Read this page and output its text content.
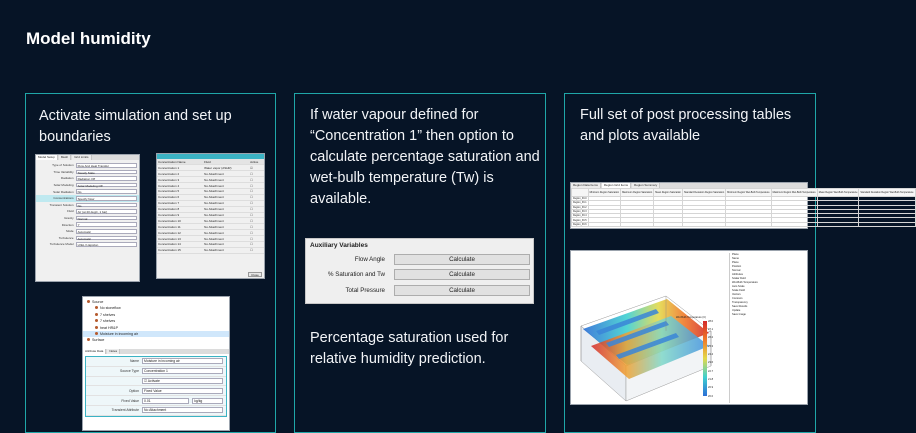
Model humidity
Activate simulation and set up boundaries
If water vapour defined for “Concentration 1” then option to calculate percentage saturation and wet-bulb temperature (Tw) is available.
Percentage saturation used for relative humidity prediction.
Full set of post processing tables and plots available
Model Setup	Mesh	Grid Limits
Type of Solution	Flow And Heat Transfer
Time Variability	Steady State
Radiation	Radiation Off
Solar Modeling	Solar Modeling Off
Solar Radiation	No
Concentrations	Specify Now
Transient Solution	No
Fluid	Air (at 20 degC, 1 bar)
Gravity	Normal
Direction	Y
Mode	Automatic
Turbulence	Automatic
Turbulence Model	LVEL K-Epsilon
Concentration Name	Fluid	Active
Concentration 1	Water vapor (ASHR)	☑
Concentration 2	No Attachment	☐
Concentration 3	No Attachment	☐
Concentration 4	No Attachment	☐
Concentration 5	No Attachment	☐
Concentration 6	No Attachment	☐
Concentration 7	No Attachment	☐
Concentration 8	No Attachment	☐
Concentration 9	No Attachment	☐
Concentration 10	No Attachment	☐
Concentration 11	No Attachment	☐
Concentration 12	No Attachment	☐
Concentration 13	No Attachment	☐
Concentration 14	No Attachment	☐
Concentration 15	No Attachment	☐
Close
Source
No stoneflow
7 shelves
7 shelves
heat HR&P
Moisture in incoming air
Surface
Attribute Data	Notes
Name	Moisture in incoming air
Source Type	Concentration 1
☑ Activate
Option	Fixed Value
Fixed Value	0.01	kg/kg
Transient Attribute	No Attachment
Auxiliary Variables
Flow Angle	Calculate
% Saturation and Tw	Calculate
Total Pressure	Calculate
Region Data Items	Region Grid Items	Region Summary
	Minimum Region Saturation	Maximum Region Saturation	Mean Region Saturation	Standard Deviation Region Saturation	Minimum Region Wet-Bulb Temperature	Maximum Region Wet-Bulb Temperature	Mean Region Wet-Bulb Temperature	Standard Deviation Region Wet-Bulb Temperature
Region_39.0								
Region_39.1								
Region_39.2								
Region_39.3								
Region_39.4								
Region_39.5								
Region_39.6								
Wet Bulb Temperature (C)
28.0
27.1
26.2
25.3
24.4
23.6
22.7
21.8
20.9
20.0
Plane
Name
Plane
Position
Normal
Attributes
Scalar Field
Wet-Bulb Temperature
Auto Scale
Scale Field
Vectors
Contours
Transparency
Save Results
Update
Save Image
